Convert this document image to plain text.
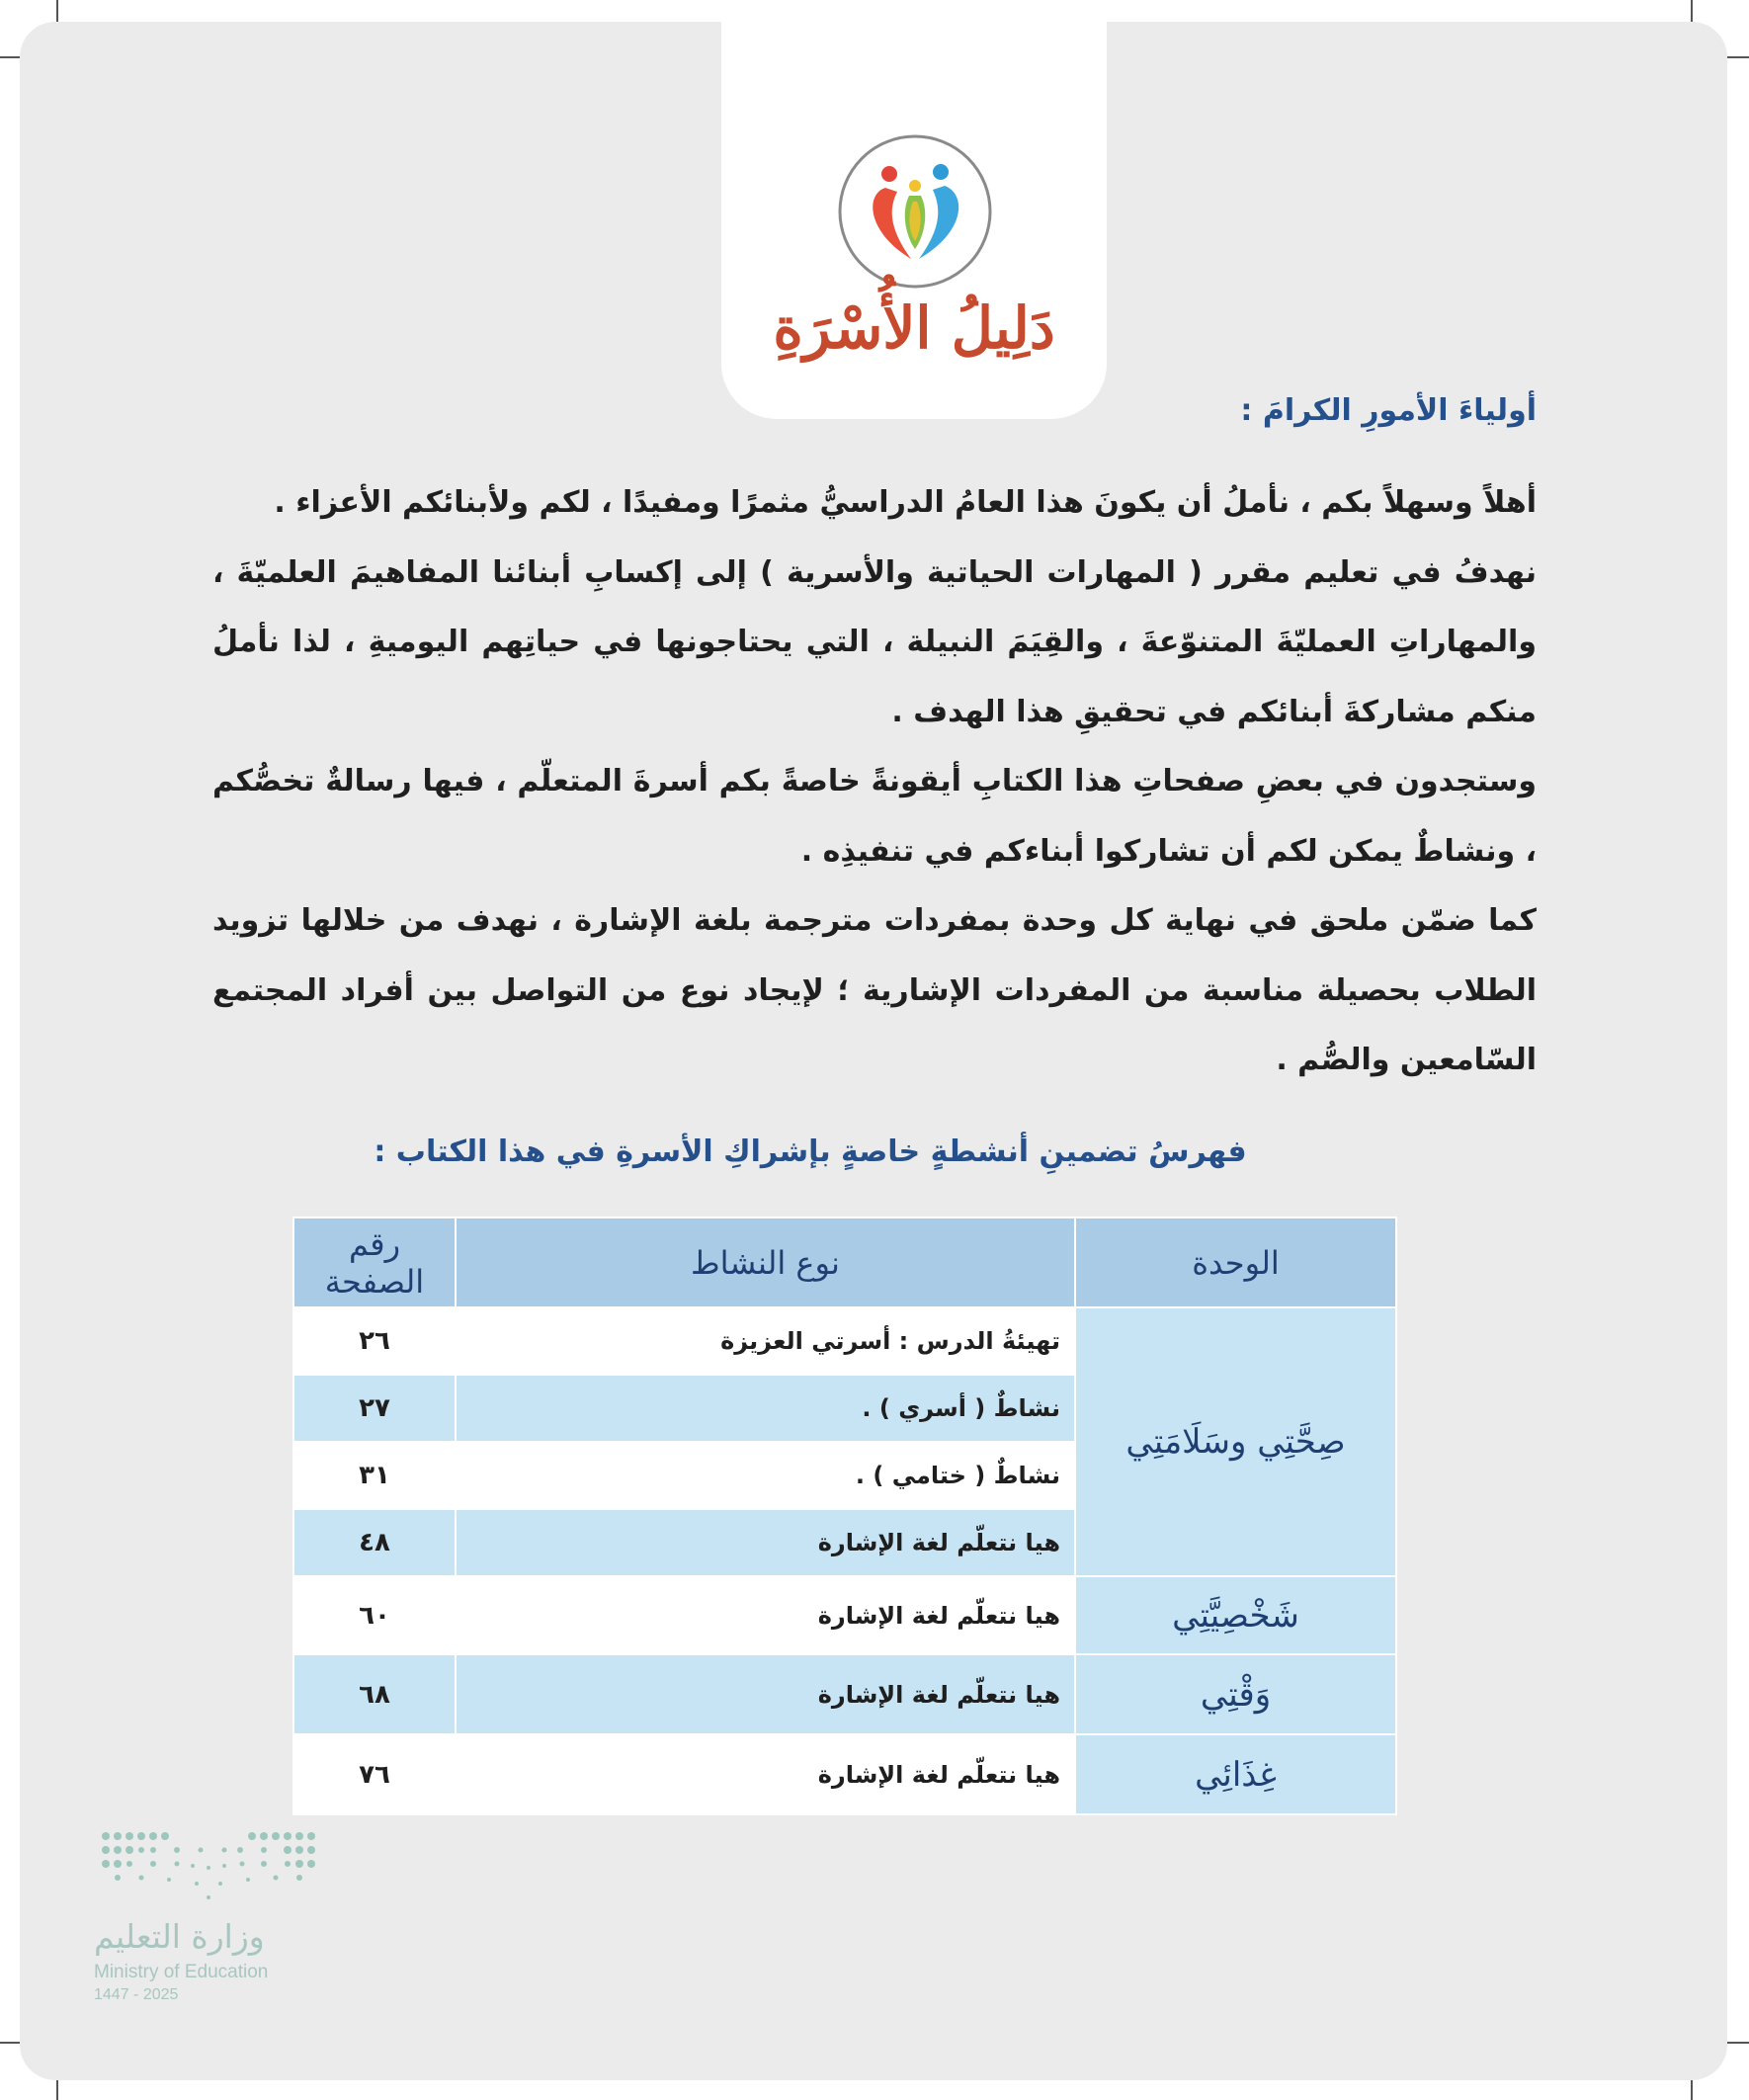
دَلِيلُ الأُسْرَةِ

أولياءَ الأمورِ الكرامَ :

أهلاً وسهلاً بكم ، نأملُ أن يكونَ هذا العامُ الدراسيُّ مثمرًا ومفيدًا ، لكم ولأبنائكم الأعزاء .

نهدفُ في تعليم مقرر ( المهارات الحياتية والأسرية ) إلى إكسابِ أبنائنا المفاهيمَ العلميّةَ ، والمهاراتِ العمليّةَ المتنوّعةَ ، والقِيَمَ النبيلة ، التي يحتاجونها في حياتِهم اليوميةِ ، لذا نأملُ منكم مشاركةَ أبنائكم في تحقيقِ هذا الهدف .

وستجدون في بعضِ صفحاتِ هذا الكتابِ أيقونةً خاصةً بكم أسرةَ المتعلّم ، فيها رسالةٌ تخصُّكم ، ونشاطٌ يمكن لكم أن تشاركوا أبناءكم في تنفيذِه .

كما ضمّن ملحق في نهاية كل وحدة بمفردات مترجمة بلغة الإشارة ، نهدف من خلالها تزويد الطلاب بحصيلة مناسبة من المفردات الإشارية ؛ لإيجاد نوع من التواصل بين أفراد المجتمع السّامعين والصُّم .

فهرسُ تضمينِ أنشطةٍ خاصةٍ بإشراكِ الأسرةِ في هذا الكتاب :

الوحدة	نوع النشاط	رقم الصفحة
صِحَّتِي وسَلَامَتِي	تهيئةُ الدرس : أسرتي العزيزة	٢٦
	نشاطٌ ( أسري ) .	٢٧
	نشاطٌ ( ختامي ) .	٣١
	هيا نتعلّم لغة الإشارة	٤٨
شَخْصِيَّتِي	هيا نتعلّم لغة الإشارة	٦٠
وَقْتِي	هيا نتعلّم لغة الإشارة	٦٨
غِذَائِي	هيا نتعلّم لغة الإشارة	٧٦

وزارة التعليم

Ministry of Education

2025 - 1447
